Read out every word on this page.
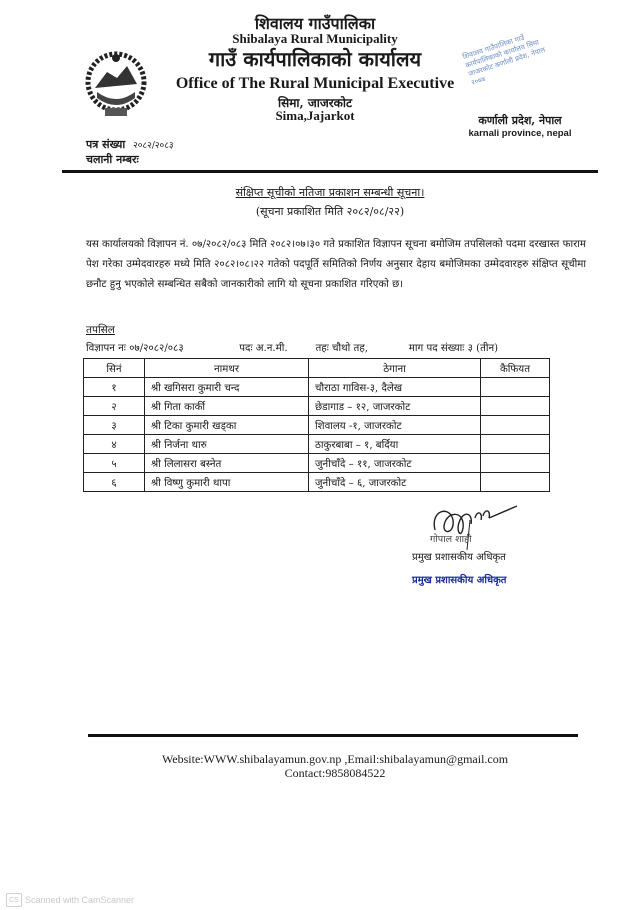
शिवालय गाउँपालिका
Shibalaya Rural Municipality
गाउँ कार्यपालिकाको कार्यालय
Office of The Rural Municipal Executive
सिमा, जाजरकोट
Sima,Jajarkot
शिवालय गाउँपालिका गाउँ कार्यपालिकाको कार्यालय सिमा जाजरकोट कर्णाली प्रदेश, नेपाल २०७४
कर्णाली प्रदेश, नेपाल
karnali province, nepal
पत्र संख्या २०८२/२०८३
चलानी नम्बरः
संक्षिप्त सूचीको नतिजा प्रकाशन सम्बन्धी सूचना।
(सूचना प्रकाशित मिति २०८२/०८/२२)
यस कार्यालयको विज्ञापन नं. ०७/२०८२/०८३ मिति २०८२।०७।३० गते प्रकाशित विज्ञापन सूचना बमोजिम तपसिलको पदमा दरखास्त फाराम पेश गरेका उम्मेदवारहरु मध्ये मिति २०८२।०८।२२ गतेको पदपूर्ति समितिको निर्णय अनुसार देहाय बमोजिमका उम्मेदवारहरु संक्षिप्त सूचीमा छनौट हुनु भएकोले सम्बन्धित सबैको जानकारीको लागि यो सूचना प्रकाशित गरिएको छ।
तपसिल
विज्ञापन नः ०७/२०८२/०८३	पदः अ.न.मी.	तहः चौथो तह,	माग पद संख्याः ३ (तीन)
सिनं	नामथर	ठेगाना	कैफियत
१	श्री खगिसरा कुमारी चन्द	चौराठा गाविस-३, दैलेख	
२	श्री गिता कार्की	छेडागाड – १२, जाजरकोट	
३	श्री टिका कुमारी खड्का	शिवालय -१, जाजरकोट	
४	श्री निर्जना थारु	ठाकुरबाबा – १, बर्दिया	
५	श्री लिलासरा बस्नेत	जुनीचाँदे – ११, जाजरकोट	
६	श्री विष्णु कुमारी थापा	जुनीचाँदे – ६, जाजरकोट	
गोपाल शाही
प्रमुख प्रशासकीय अधिकृत
प्रमुख प्रशासकीय अधिकृत
Website:WWW.shibalayamun.gov.np ,Email:shibalayamun@gmail.com
Contact:9858084522
CS Scanned with CamScanner
